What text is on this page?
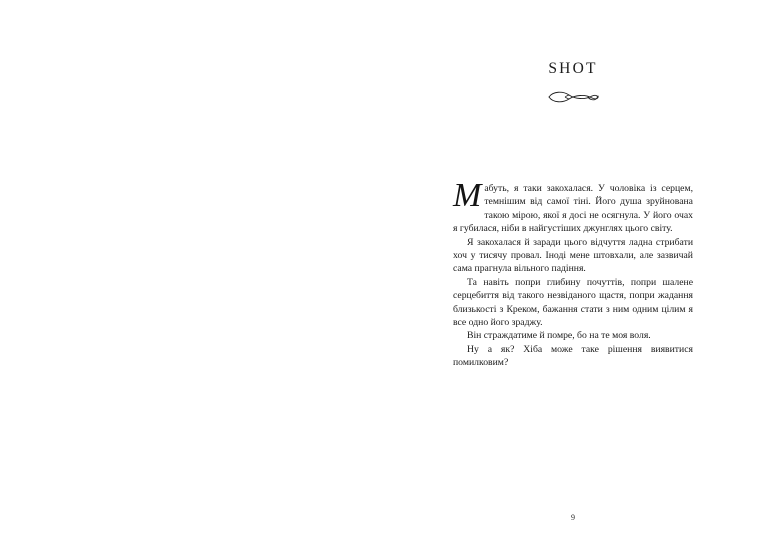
SHOT

Мабуть, я таки закохалася. У чоловіка із серцем, темнішим від самої тіні. Його душа зруйнована такою мірою, якої я досі не осягнула. У його очах я губилася, ніби в найгустіших джунглях цього світу.

Я закохалася й заради цього відчуття ладна стрибати хоч у тисячу провал. Іноді мене штовхали, але зазвичай сама прагнула вільного падіння.

Та навіть попри глибину почуттів, попри шалене серцебиття від такого незвіданого щастя, попри жадання близькості з Креком, бажання стати з ним одним цілим я все одно його зраджу.

Він страждатиме й помре, бо на те моя воля.

Ну а як? Хіба може таке рішення виявитися помилковим?

9
